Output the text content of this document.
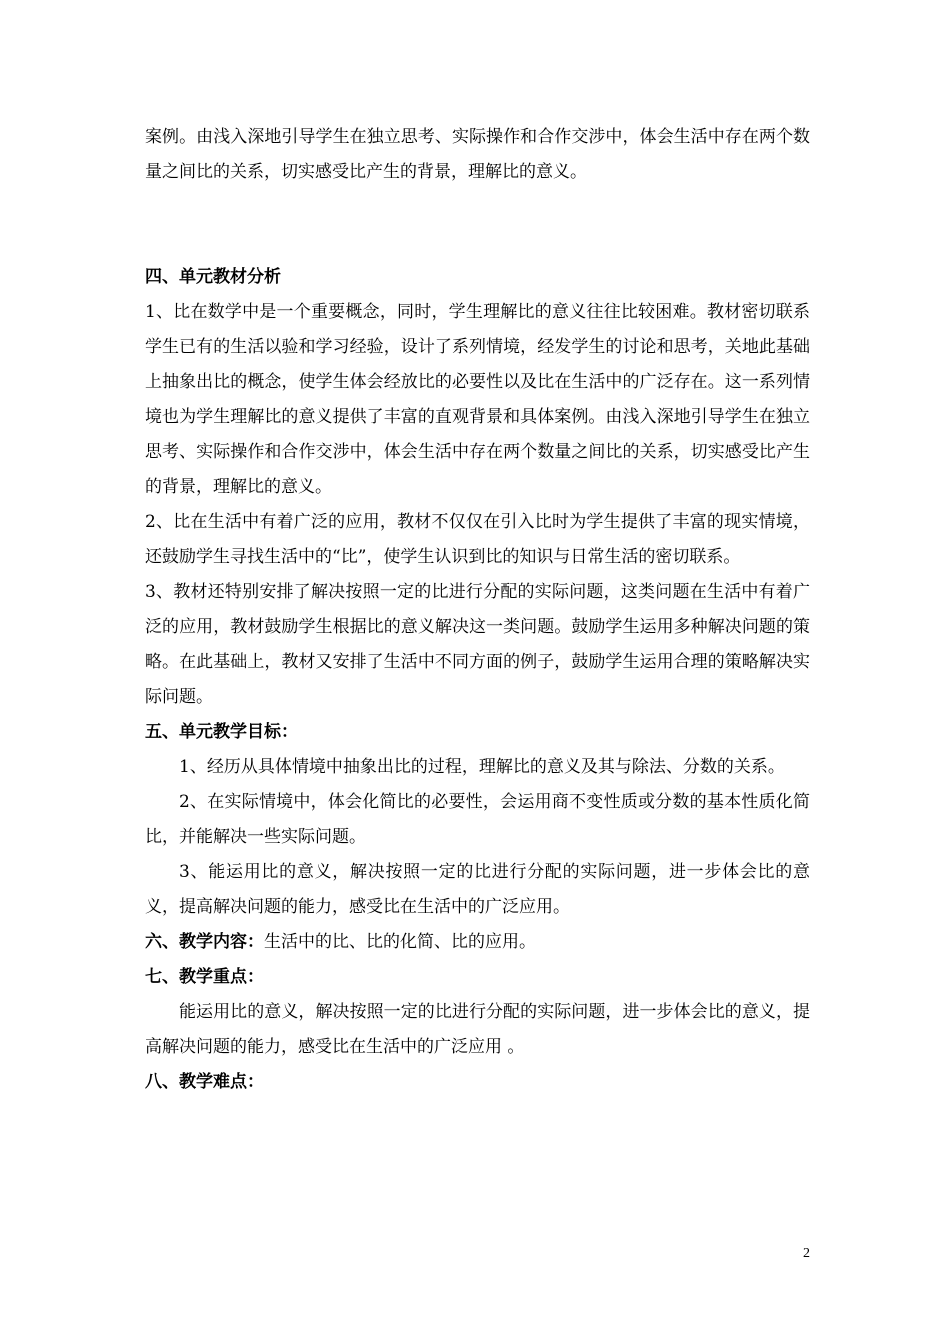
案例。由浅入深地引导学生在独立思考、实际操作和合作交涉中，体会生活中存在两个数量之间比的关系，切实感受比产生的背景，理解比的意义。

四、单元教材分析

1、比在数学中是一个重要概念，同时，学生理解比的意义往往比较困难。教材密切联系学生已有的生活以验和学习经验，设计了系列情境，经发学生的讨论和思考，关地此基础上抽象出比的概念，使学生体会经放比的必要性以及比在生活中的广泛存在。这一系列情境也为学生理解比的意义提供了丰富的直观背景和具体案例。由浅入深地引导学生在独立思考、实际操作和合作交涉中，体会生活中存在两个数量之间比的关系，切实感受比产生的背景，理解比的意义。

2、比在生活中有着广泛的应用，教材不仅仅在引入比时为学生提供了丰富的现实情境，还鼓励学生寻找生活中的“比”，使学生认识到比的知识与日常生活的密切联系。

3、教材还特别安排了解决按照一定的比进行分配的实际问题，这类问题在生活中有着广泛的应用，教材鼓励学生根据比的意义解决这一类问题。鼓励学生运用多种解决问题的策略。在此基础上，教材又安排了生活中不同方面的例子，鼓励学生运用合理的策略解决实际问题。

五、单元教学目标：

1、经历从具体情境中抽象出比的过程，理解比的意义及其与除法、分数的关系。

2、在实际情境中，体会化简比的必要性，会运用商不变性质或分数的基本性质化简比，并能解决一些实际问题。

3、能运用比的意义，解决按照一定的比进行分配的实际问题，进一步体会比的意义，提高解决问题的能力，感受比在生活中的广泛应用。

六、教学内容：生活中的比、比的化简、比的应用。

七、教学重点：

能运用比的意义，解决按照一定的比进行分配的实际问题，进一步体会比的意义，提高解决问题的能力，感受比在生活中的广泛应用 。

八、教学难点：

2
